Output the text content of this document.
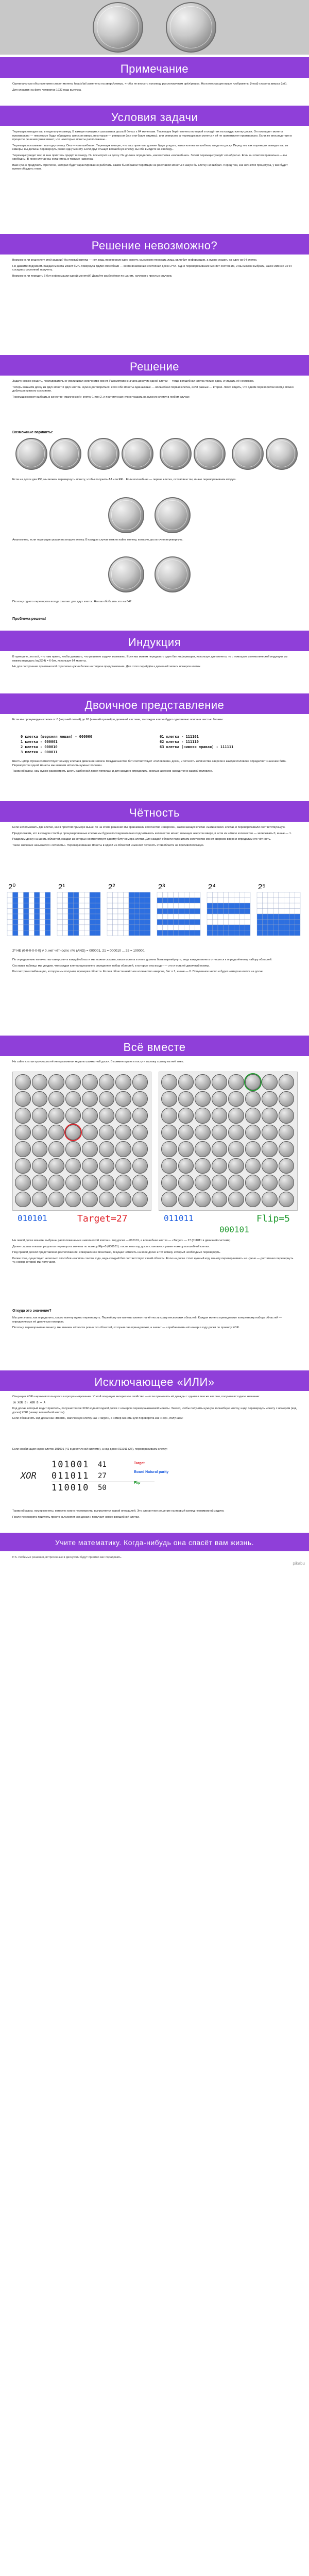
Примечание

Оригинальным обозначением сторон монеты heads/tail заменены на аверс/реверс, чтобы не вносить путаницу русскоязычным орёл/решка. На иллюстрации выше изображены (head) сторона аверса (tail).

Для справки: на фото четвертак 1932 года выпуска.

Условия задачи

Тюремщик отводит вас в отдельную камеру. В камере находится шахматная доска 8 белых x 64 монетами. Тюремщик берёт монеты по одной и кладёт их на каждую клетку доски. Он помещает монеты произвольно — некоторые будут обращены аверсом вверх, некоторые — реверсом (все они будут видимы), или реверсом, а тюремщик все монеты и ей не ориентирует произвольно. Если же впоследствии в процессе решения узник имеет, что некоторые монеты расположены...

Тюремщик показывает вам одну клетку. Она — «волшебная». Тюремщик говорит, что ваш приятель должен будет угадать, какая клетка волшебная, глядя на доску. Перед тем как тюремщик выведет вас из камеры, вы должны перевернуть ровно одну монету. Если друг отыщет волшебную клетку, вы оба выйдете на свободу...

Тюремщик уведет вас, и ваш приятель придёт в камеру. Он посмотрит на доску. Он должен определить, какая клетка «волшебная». Затем тюремщик уведёт его обратно. Если он ответил правильно — вы свободны. В ином случае вы останетесь в тюрьме навсегда.

Вам нужно придумать стратегию, которая будет гарантированно работать, каким бы образом тюремщик ни расставил монеты и какую бы клетку ни выбрал. Перед тем, как начнётся процедура, у вас будет время обсудить план.

Решение невозможно?

Возможно ли решение у этой задачи? На первый взгляд — нет, ведь перевернув одну монету, мы можем передать лишь один бит информации, а нужно указать на одну из 64 клеток.

Но давайте подумаем. Каждая монета может быть повёрнута двумя способами — всего возможных состояний доски 2^64. Одно переворачивание меняет состояние, и мы можем выбрать, какое именно из 64 соседних состояний получить.

Возможно ли передать 6 бит информации одной монетой? Давайте разберёмся по шагам, начиная с простых случаев.

Решение

Задачу можно решить, последовательно увеличивая количество монет. Рассмотрим сначала доску из одной клетки — тогда волшебная клетка только одна, и угадать её несложно.

Теперь возьмём доску из двух монет и двух клеток. Нужно договориться: если обе монеты одинаковые — волшебная первая клетка, если разные — вторая. Легко видеть, что одним переворотом всегда можно добиться нужного состояния.

Тюремщик может выбрать в качестве «магической» клетку 1 или 2, и поэтому нам нужно указать на нужную клетку в любом случае:

Возможные варианты:

Если на доске два PR, мы можем перевернуть монету, чтобы получить AA или RR... Если волшебная — первая клетка, оставляем так, иначе переворачиваем вторую.

Аналогично, если тюремщик указал на вторую клетку. В каждом случае можно найти монету, которую достаточно перевернуть.

Поэтому одного переворота всегда хватает для двух клеток. Но как обобщить это на 64?

Проблема решена!
Индукция

В принципе, это всё, что нам нужно, чтобы доказать, что решение задачи возможно. Если мы можем передавать один бит информации, используя две монеты, то с помощью математической индукции мы можем передать log2(64) = 6 бит, используя 64 монеты.

Но для построения практической стратегии нужно более наглядное представление. Для этого перейдём к двоичной записи номеров клеток.

Двоичное представление

Если мы пронумеруем клетки от 0 (верхний левый) до 63 (нижний правый) в двоичной системе, то каждая клетка будет однозначно описана шестью битами:

0 клетка (верхняя левая) - 000000	61 клетка - 111101
1 клетка - 000001	62 клетка - 111110
2 клетка - 000010	63 клетка (нижняя правая) - 111111
3 клетка - 000011

Шесть цифр строки соответствуют номеру клетки в двоичной записи. Каждый шестой бит соответствует «половинам» доски, и чётность количества аверсов в каждой половине определяет значение бита. Переворотом одной монеты мы меняем чётность нужных половин.

Таким образом, нам нужно рассмотреть шесть разбиений доски пополам, и для каждого определить, сколько аверсов находится в каждой половине.

Чётность

Если использовать две клетки, как в простом примере выше, то на этапе решения мы сравнивали количество «аверсов», заключающих клетки «магической» клетки, и переворачивали соответствующую.

Предположим, что в каждом столбце пронумерованные клетки мы будем последовательно подсчитывать количество монет, лежащих аверсом вверх, и если их чётное количество — записывать 0, иначе — 1.

Разделим доску на шесть областей, каждая из которых соответствует одному биту номера клетки. Для каждой области подсчитаем количество монет аверсом вверх и определим его чётность.

Такое значение называется «чётность». Переворачивание монеты в одной из областей изменяет чётность этой области на противоположную.

2⁰	2¹	2²	2³	2⁴	2⁵
2⁰ НЕ (0-0-0-0-0-0) ≠ 0, нет чётности: n% (AND) = 000001, 21 = 000010 ... 25 = 100000.

По определению количества «аверсов» в каждой области мы можем сказать, какая монета в итоге должна быть перевёрнута, ведь каждая монета относится к определённому набору областей.

Составив таблицу, мы увидим, что каждая клетка однозначно определяет набор областей, в которые она входит — это и есть её двоичный номер.

Рассмотрим комбинацию, которую мы получим, проверяя области. Если в области нечётное количество аверсов, бит = 1, иначе — 0. Полученное число и будет номером клетки на доске.

Всё вместе

На сайте статьи произошла её интерактивная модель шахматной доски. В комментариях к посту я выложу ссылку на неё тоже.

010101	Target=27	011011	Flip=5
000101

На левой доске монеты выбраны расположенными «магической клетки». Код доски — 010101, а волшебная клетка — «Target» — 27 (011011 в двоичной системе).

Далее справа показан результат переворота монеты по номеру Flip=5 (000101): после него код доски становится равен номеру волшебной клетки.

Под правой доской представлено расположение, совершённое монетами, текущая чётность на всей доске и тот номер, который необходимо перевернуть.

Более того, существует несколько способов «записи» такого кода, ведь каждый бит соответствует своей области. Если на доске стоит нужный код, монету переворачивать не нужно — достаточно перевернуть ту, номер которой мы получаем.

Откуда это значение?

Мы уже знаем, как определить, какую монету нужно перевернуть. Перевёрнутые монеты влияют на чётность сразу нескольких областей. Каждая монета принадлежит конкретному набору областей — определяемых её двоичным номером.

Поэтому, переворачивая монету, мы меняем чётности ровно тех областей, которым она принадлежит, а значит — «прибавляем» её номер к коду доски по правилу XOR.

Исключающее «ИЛИ»

Операция XOR широко используется в программировании. У этой операции интересное свойство — если применить её дважды с одним и тем же числом, получим исходное значение:

(A XOR B) XOR B = A

Код доски, который видит приятель, получается как XOR кода исходной доски с номером переворачиваемой монеты. Значит, чтобы получить нужную волшебную клетку, надо перевернуть монету с номером (код доски) XOR (номер волшебной клетки).

Если обозначить код доски как «Board», магическую клетку как «Target», а номер монеты для переворота как «Flip», получаем:

Если комбинация кодов клеток 101001 (41 в десятичной системе), а код доски 011011 (27), переворачиваем клетку:
101001	41
XOR	011011	27
110010	50
Target
Board Natural parity
Flip

Таким образом, номер монеты, которую нужно перевернуть, вычисляется одной операцией. Это элегантное решение на первый взгляд невозможной задачи.

После переворота приятель просто вычисляет код доски и получает номер волшебной клетки.

Учите математику. Когда-нибудь она спасёт вам жизнь.
P.S. Любимые решения, встреченные в дискуссии будут приятно вас порадовать.
pikabu
